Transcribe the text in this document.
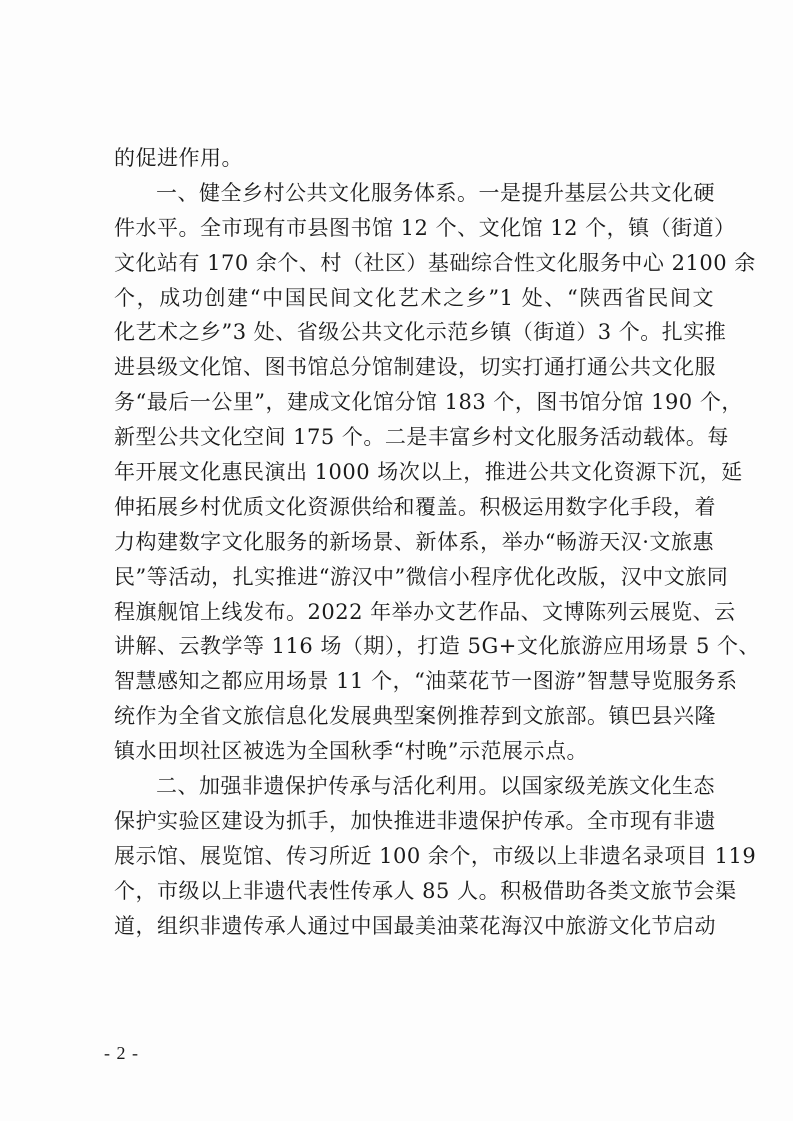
的促进作用。
一、健全乡村公共文化服务体系。一是提升基层公共文化硬
件水平。全市现有市县图书馆 12 个、文化馆 12 个，镇（街道）
文化站有 170 余个、村（社区）基础综合性文化服务中心 2100 余
个，成功创建“中国民间文化艺术之乡”1 处、“陕西省民间文
化艺术之乡”3 处、省级公共文化示范乡镇（街道）3 个。扎实推
进县级文化馆、图书馆总分馆制建设，切实打通打通公共文化服
务“最后一公里”，建成文化馆分馆 183 个，图书馆分馆 190 个，
新型公共文化空间 175 个。二是丰富乡村文化服务活动载体。每
年开展文化惠民演出 1000 场次以上，推进公共文化资源下沉，延
伸拓展乡村优质文化资源供给和覆盖。积极运用数字化手段，着
力构建数字文化服务的新场景、新体系，举办“畅游天汉·文旅惠
民”等活动，扎实推进“游汉中”微信小程序优化改版，汉中文旅同
程旗舰馆上线发布。2022 年举办文艺作品、文博陈列云展览、云
讲解、云教学等 116 场（期），打造 5G+文化旅游应用场景 5 个、
智慧感知之都应用场景 11 个，“油菜花节一图游”智慧导览服务系
统作为全省文旅信息化发展典型案例推荐到文旅部。镇巴县兴隆
镇水田坝社区被选为全国秋季“村晚”示范展示点。
二、加强非遗保护传承与活化利用。以国家级羌族文化生态
保护实验区建设为抓手，加快推进非遗保护传承。全市现有非遗
展示馆、展览馆、传习所近 100 余个，市级以上非遗名录项目 119
个，市级以上非遗代表性传承人 85 人。积极借助各类文旅节会渠
道，组织非遗传承人通过中国最美油菜花海汉中旅游文化节启动
- 2 -
